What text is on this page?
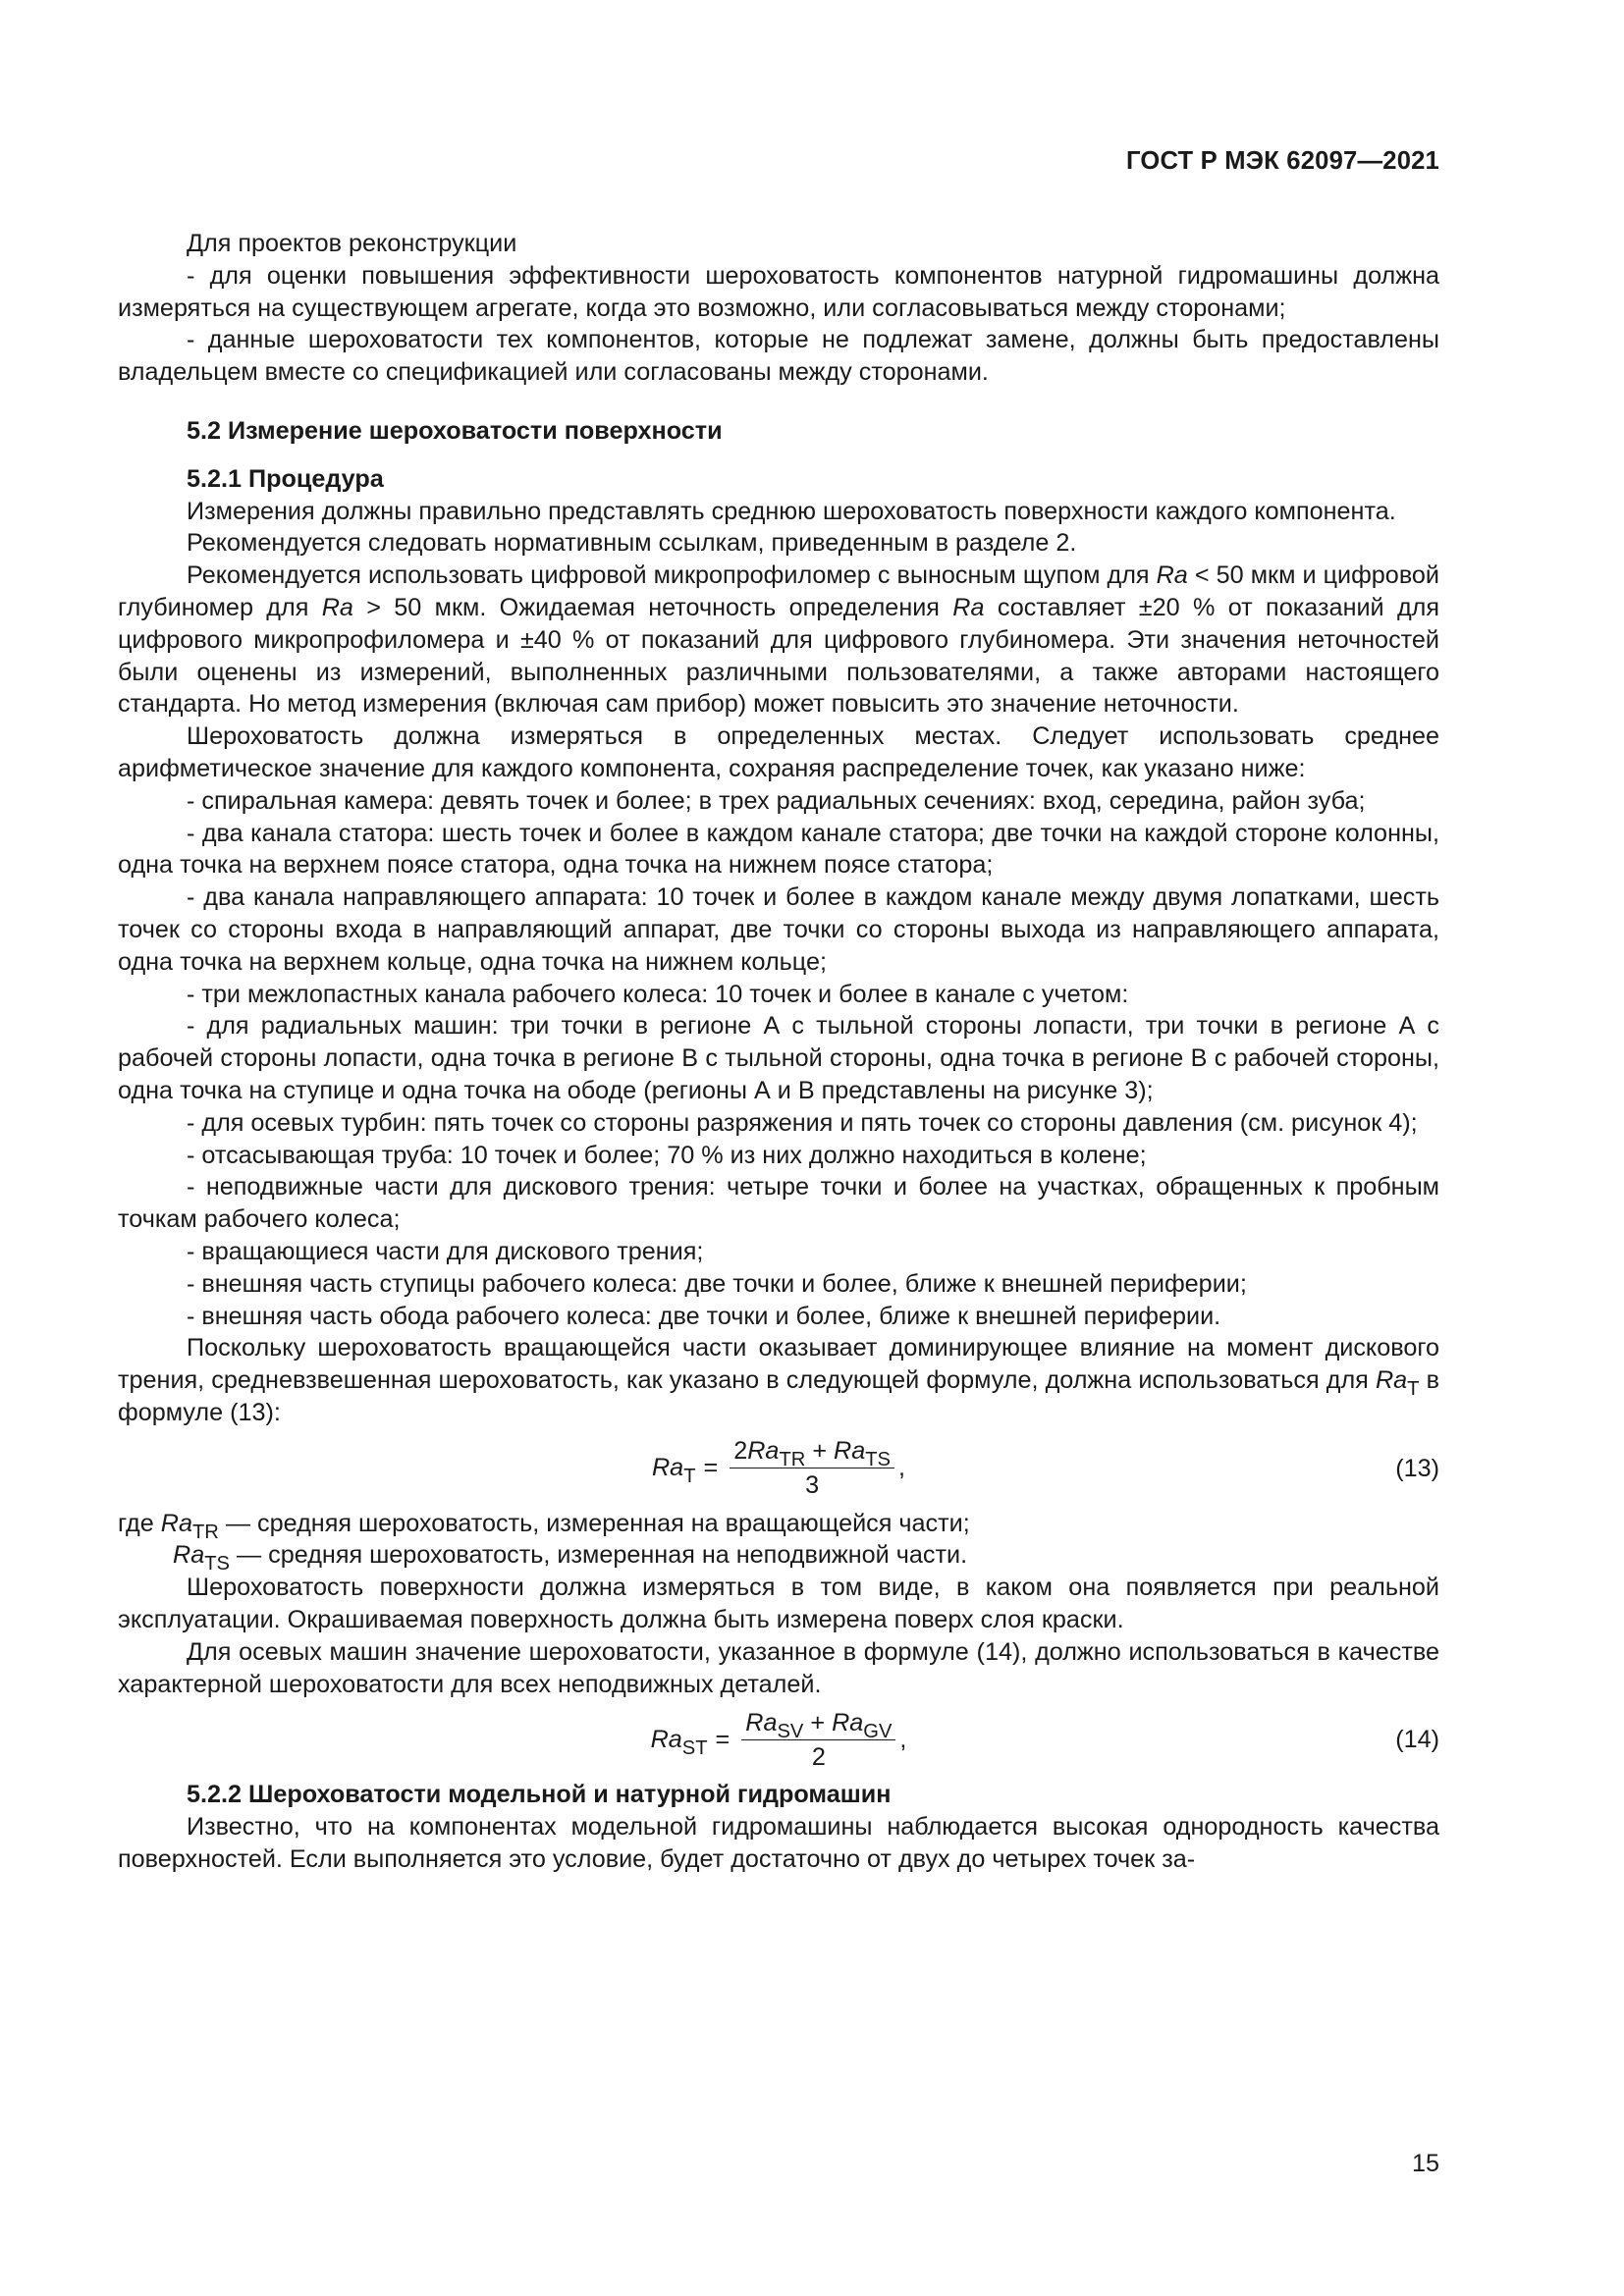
ГОСТ Р МЭК 62097—2021

Для проектов реконструкции

- для оценки повышения эффективности шероховатость компонентов натурной гидромашины должна измеряться на существующем агрегате, когда это возможно, или согласовываться между сторонами;

- данные шероховатости тех компонентов, которые не подлежат замене, должны быть предоставлены владельцем вместе со спецификацией или согласованы между сторонами.

5.2 Измерение шероховатости поверхности

5.2.1 Процедура

Измерения должны правильно представлять среднюю шероховатость поверхности каждого компонента.

Рекомендуется следовать нормативным ссылкам, приведенным в разделе 2.

Рекомендуется использовать цифровой микропрофиломер с выносным щупом для Ra < 50 мкм и цифровой глубиномер для Ra > 50 мкм. Ожидаемая неточность определения Ra составляет ±20 % от показаний для цифрового микропрофиломера и ±40 % от показаний для цифрового глубиномера. Эти значения неточностей были оценены из измерений, выполненных различными пользователями, а также авторами настоящего стандарта. Но метод измерения (включая сам прибор) может повысить это значение неточности.

Шероховатость должна измеряться в определенных местах. Следует использовать среднее арифметическое значение для каждого компонента, сохраняя распределение точек, как указано ниже:

- спиральная камера: девять точек и более; в трех радиальных сечениях: вход, середина, район зуба;

- два канала статора: шесть точек и более в каждом канале статора; две точки на каждой стороне колонны, одна точка на верхнем поясе статора, одна точка на нижнем поясе статора;

- два канала направляющего аппарата: 10 точек и более в каждом канале между двумя лопатками, шесть точек со стороны входа в направляющий аппарат, две точки со стороны выхода из направляющего аппарата, одна точка на верхнем кольце, одна точка на нижнем кольце;

- три межлопастных канала рабочего колеса: 10 точек и более в канале с учетом:

- для радиальных машин: три точки в регионе А с тыльной стороны лопасти, три точки в регионе А с рабочей стороны лопасти, одна точка в регионе В с тыльной стороны, одна точка в регионе В с рабочей стороны, одна точка на ступице и одна точка на ободе (регионы А и В представлены на рисунке 3);

- для осевых турбин: пять точек со стороны разряжения и пять точек со стороны давления (см. рисунок 4);

- отсасывающая труба: 10 точек и более; 70 % из них должно находиться в колене;

- неподвижные части для дискового трения: четыре точки и более на участках, обращенных к пробным точкам рабочего колеса;

- вращающиеся части для дискового трения;

- внешняя часть ступицы рабочего колеса: две точки и более, ближе к внешней периферии;

- внешняя часть обода рабочего колеса: две точки и более, ближе к внешней периферии.

Поскольку шероховатость вращающейся части оказывает доминирующее влияние на момент дискового трения, средневзвешенная шероховатость, как указано в следующей формуле, должна использоваться для $Ra_T$ в формуле (13):

$Ra_T = \frac{2Ra_{TR} + Ra_{TS}}{3}$ ,	(13)

где $Ra_{TR}$ — средняя шероховатость, измеренная на вращающейся части;

$Ra_{TS}$ — средняя шероховатость, измеренная на неподвижной части.

Шероховатость поверхности должна измеряться в том виде, в каком она появляется при реальной эксплуатации. Окрашиваемая поверхность должна быть измерена поверх слоя краски.

Для осевых машин значение шероховатости, указанное в формуле (14), должно использоваться в качестве характерной шероховатости для всех неподвижных деталей.

$Ra_{ST} = \frac{Ra_{SV} + Ra_{GV}}{2}$ ,	(14)

5.2.2 Шероховатости модельной и натурной гидромашин

Известно, что на компонентах модельной гидромашины наблюдается высокая однородность качества поверхностей. Если выполняется это условие, будет достаточно от двух до четырех точек за-

15
